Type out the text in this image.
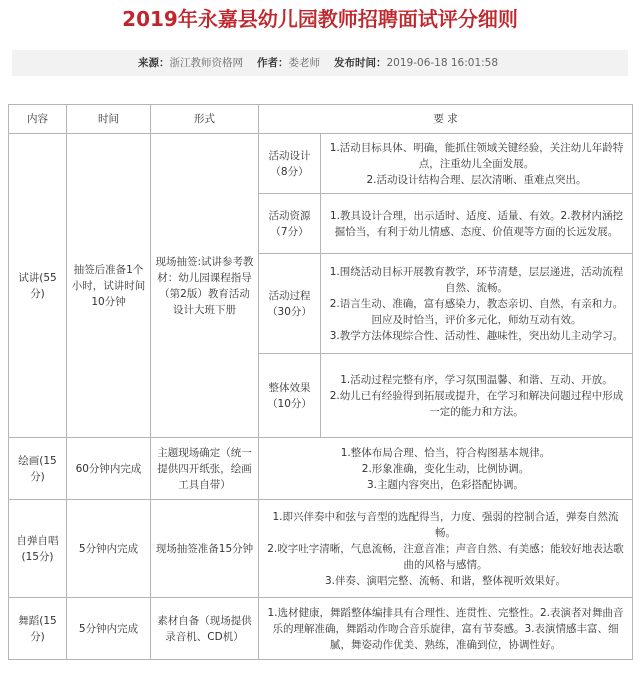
2019年永嘉县幼儿园教师招聘面试评分细则
来源：浙江教师资格网 作者：娄老师 发布时间：2019-06-18 16:01:58
内容	时间	形式	要 求	
试讲(55分)	抽签后准备1个小时，试讲时间10分钟	现场抽签:试讲参考教材：幼儿园课程指导（第2版）教育活动设计大班下册	活动设计（8分）	1.活动目标具体、明确，能抓住领域关键经验，关注幼儿年龄特点，注重幼儿全面发展。

2.活动设计结构合理、层次清晰、重难点突出。

			活动资源（7分）	1.教具设计合理，出示适时、适度、适量、有效。2.教材内涵挖掘恰当，有利于幼儿情感、态度、价值观等方面的长远发展。

			活动过程（30分）	1.围绕活动目标开展教育教学，环节清楚，层层递进，活动流程自然、流畅。

2.语言生动、准确，富有感染力，教态亲切、自然，有亲和力。回应及时恰当，评价多元化，师幼互动有效。

3.教学方法体现综合性、活动性、趣味性，突出幼儿主动学习。

			整体效果（10分）	1.活动过程完整有序，学习氛围温馨、和谐、互动、开放。

2.幼儿已有经验得到拓展或提升，在学习和解决问题过程中形成一定的能力和方法。

绘画(15分)	60分钟内完成	主题现场确定（统一提供四开纸张，绘画工具自带）	1.整体布局合理、恰当，符合构图基本规律。

2.形象准确，变化生动，比例协调。

3.主题内容突出，色彩搭配协调。	

自弹自唱(15分)	5分钟内完成	现场抽签准备15分钟	1.即兴伴奏中和弦与音型的选配得当，力度、强弱的控制合适，弹奏自然流畅。

2.咬字吐字清晰，气息流畅，注意音准；声音自然、有美感；能较好地表达歌曲的风格与感情。

3.伴奏、演唱完整、流畅、和谐，整体视听效果好。	

舞蹈(15分)	5分钟内完成	素材自备（现场提供录音机、CD机）	1.选材健康，舞蹈整体编排具有合理性、连贯性、完整性。2.表演者对舞曲音乐的理解准确，舞蹈动作吻合音乐旋律，富有节奏感。3.表演情感丰富、细腻，舞姿动作优美、熟练，准确到位，协调性好。	
